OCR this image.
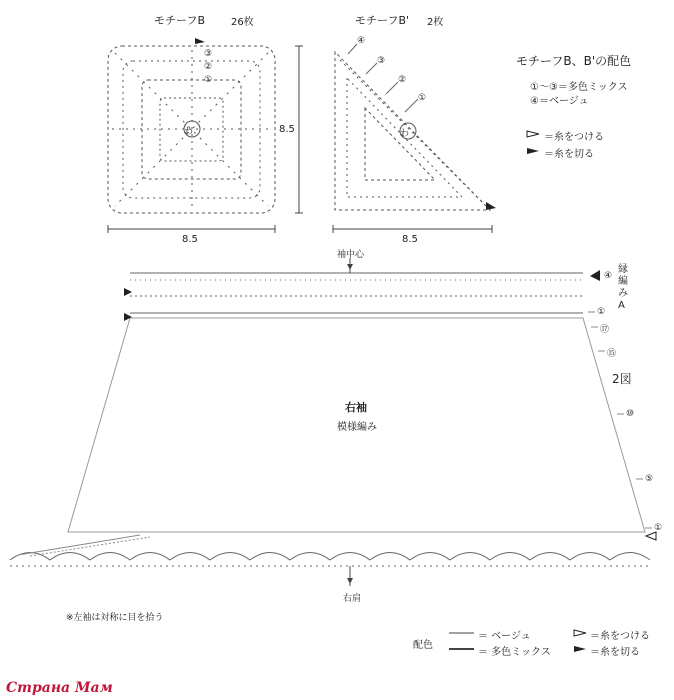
モチーフB	26枚
わ
①
②
③
8.5
8.5
モチーフB' 2枚
わ
④
③
②
①
8.5
モチーフB、B'の配色
①〜③＝多色ミックス
④＝ベージュ
＝糸をつける
＝糸を切る
袖中心
④
縁編み
A
①
⑰
⑮
2図
⑩
⑤
①
右袖
模様編み
右肩
※左袖は対称に目を拾う
配色
＝ ベージュ
＝ 多色ミックス
＝糸をつける
＝糸を切る
Страна Мам
